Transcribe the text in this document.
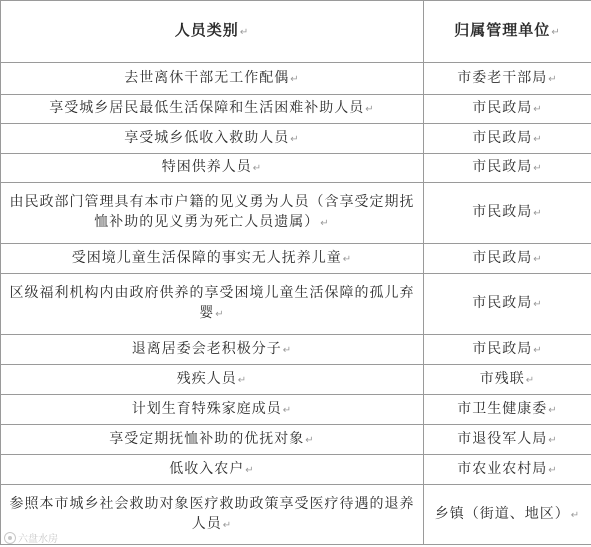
人员类别↵	归属管理单位↵
去世离休干部无工作配偶↵	市委老干部局↵
享受城乡居民最低生活保障和生活困难补助人员↵	市民政局↵
享受城乡低收入救助人员↵	市民政局↵
特困供养人员↵	市民政局↵
由民政部门管理具有本市户籍的见义勇为人员（含享受定期抚恤补助的见义勇为死亡人员遗属）↵	市民政局↵
受困境儿童生活保障的事实无人抚养儿童↵	市民政局↵
区级福利机构内由政府供养的享受困境儿童生活保障的孤儿弃婴↵	市民政局↵
退离居委会老积极分子↵	市民政局↵
残疾人员↵	市残联↵
计划生育特殊家庭成员↵	市卫生健康委↵
享受定期抚恤补助的优抚对象↵	市退役军人局↵
低收入农户↵	市农业农村局↵
参照本市城乡社会救助对象医疗救助政策享受医疗待遇的退养人员↵	乡镇（街道、地区）↵
六盘水房
